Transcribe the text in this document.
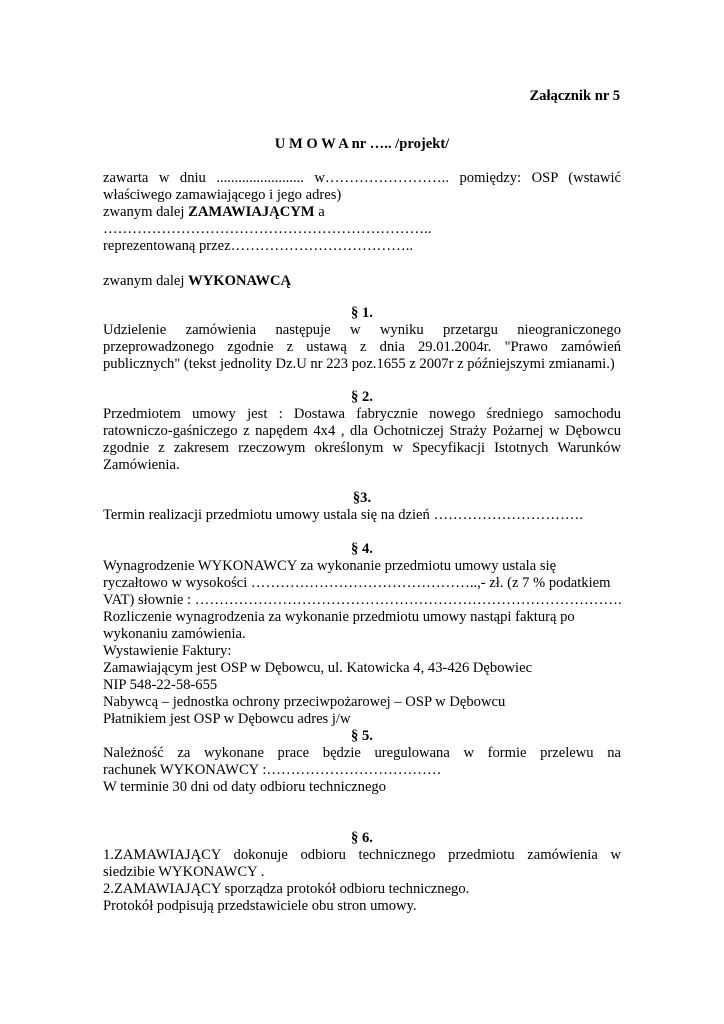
Załącznik nr 5
U M O W A nr ….. /projekt/
zawarta w dniu ........................ w…………………….. pomiędzy: OSP (wstawić
właściwego zamawiającego i jego adres)
zwanym dalej ZAMAWIAJĄCYM a
…………………………………………………………..
reprezentowaną przez………………………………..
zwanym dalej WYKONAWCĄ
§ 1.
Udzielenie zamówienia następuje w wyniku przetargu nieograniczonego
przeprowadzonego zgodnie z ustawą z dnia 29.01.2004r. "Prawo zamówień
publicznych" (tekst jednolity Dz.U nr 223 poz.1655 z 2007r z późniejszymi zmianami.)
§ 2.
Przedmiotem umowy jest : Dostawa fabrycznie nowego średniego samochodu
ratowniczo-gaśniczego z napędem 4x4 , dla Ochotniczej Straży Pożarnej w Dębowcu
zgodnie z zakresem rzeczowym określonym w Specyfikacji Istotnych Warunków
Zamówienia.
§3.
Termin realizacji przedmiotu umowy ustala się na dzień ………………………….
§ 4.
Wynagrodzenie WYKONAWCY za wykonanie przedmiotu umowy ustala się
ryczałtowo w wysokości ………………………………………..,- zł. (z 7 % podatkiem
VAT) słownie : …………………………………………………………………………….
Rozliczenie wynagrodzenia za wykonanie przedmiotu umowy nastąpi fakturą po
wykonaniu zamówienia.
Wystawienie Faktury:
Zamawiającym jest OSP w Dębowcu, ul. Katowicka 4, 43-426 Dębowiec
NIP 548-22-58-655
Nabywcą – jednostka ochrony przeciwpożarowej – OSP w Dębowcu
Płatnikiem jest OSP w Dębowcu adres j/w
§ 5.
Należność za wykonane prace będzie uregulowana w formie przelewu na
rachunek WYKONAWCY :………………………………
W terminie 30 dni od daty odbioru technicznego
§ 6.
1.ZAMAWIAJĄCY dokonuje odbioru technicznego przedmiotu zamówienia w
siedzibie WYKONAWCY .
2.ZAMAWIAJĄCY sporządza protokół odbioru technicznego.
Protokół podpisują przedstawiciele obu stron umowy.
